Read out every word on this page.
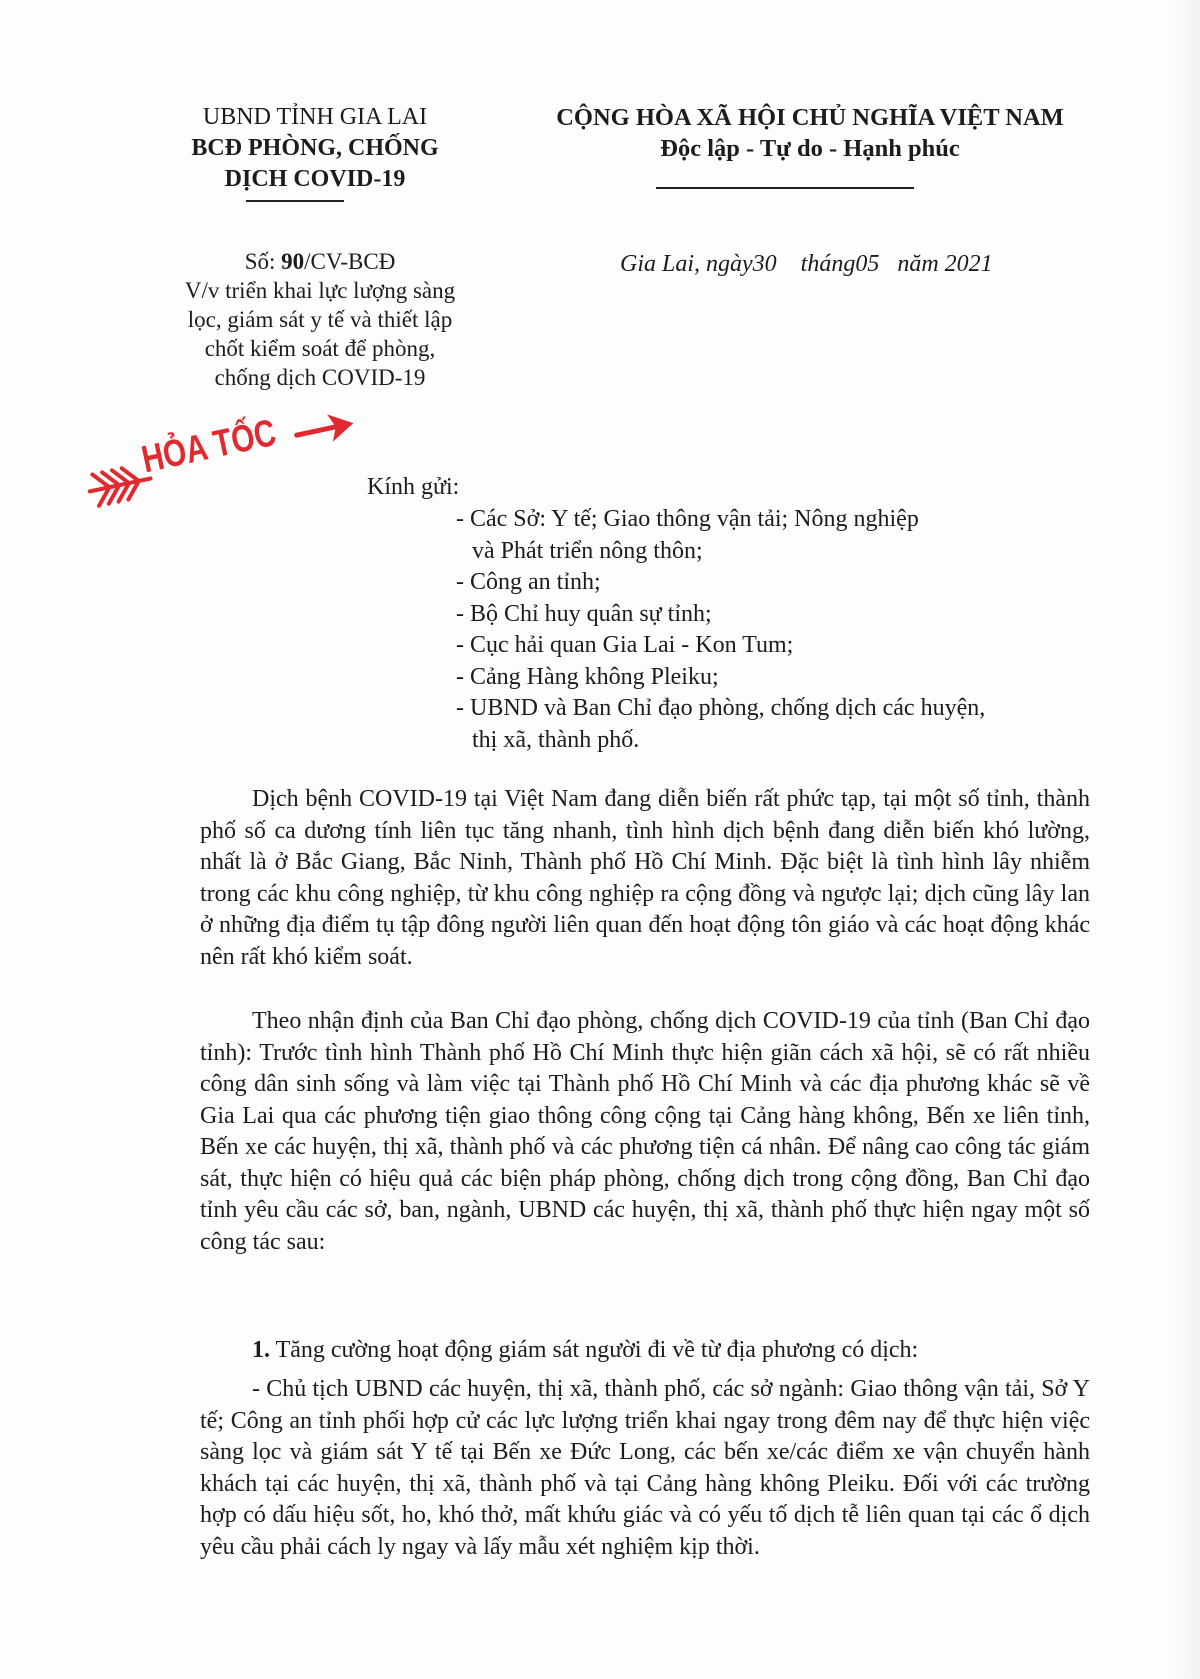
UBND TỈNH GIA LAI
BCĐ PHÒNG, CHỐNG
DỊCH COVID-19
CỘNG HÒA XÃ HỘI CHỦ NGHĨA VIỆT NAM
Độc lập - Tự do - Hạnh phúc
Số: 90/CV-BCĐ
V/v triển khai lực lượng sàng
lọc, giám sát y tế và thiết lập
chốt kiểm soát để phòng,
chống dịch COVID-19
Gia Lai, ngày30    tháng05   năm 2021
HỎA TỐC
Kính gửi:
- Các Sở: Y tế; Giao thông vận tải; Nông nghiệp
và Phát triển nông thôn;
- Công an tỉnh;
- Bộ Chỉ huy quân sự tỉnh;
- Cục hải quan Gia Lai - Kon Tum;
- Cảng Hàng không Pleiku;
- UBND và Ban Chỉ đạo phòng, chống dịch các huyện,
thị xã, thành phố.

Dịch bệnh COVID-19 tại Việt Nam đang diễn biến rất phức tạp, tại một số tỉnh, thành phố số ca dương tính liên tục tăng nhanh, tình hình dịch bệnh đang diễn biến khó lường, nhất là ở Bắc Giang, Bắc Ninh, Thành phố Hồ Chí Minh. Đặc biệt là tình hình lây nhiễm trong các khu công nghiệp, từ khu công nghiệp ra cộng đồng và ngược lại; dịch cũng lây lan ở những địa điểm tụ tập đông người liên quan đến hoạt động tôn giáo và các hoạt động khác nên rất khó kiểm soát.

Theo nhận định của Ban Chỉ đạo phòng, chống dịch COVID-19 của tỉnh (Ban Chỉ đạo tỉnh): Trước tình hình Thành phố Hồ Chí Minh thực hiện giãn cách xã hội, sẽ có rất nhiều công dân sinh sống và làm việc tại Thành phố Hồ Chí Minh và các địa phương khác sẽ về Gia Lai qua các phương tiện giao thông công cộng tại Cảng hàng không, Bến xe liên tỉnh, Bến xe các huyện, thị xã, thành phố và các phương tiện cá nhân. Để nâng cao công tác giám sát, thực hiện có hiệu quả các biện pháp phòng, chống dịch trong cộng đồng, Ban Chỉ đạo tỉnh yêu cầu các sở, ban, ngành, UBND các huyện, thị xã, thành phố thực hiện ngay một số công tác sau:

1. Tăng cường hoạt động giám sát người đi về từ địa phương có dịch:

- Chủ tịch UBND các huyện, thị xã, thành phố, các sở ngành: Giao thông vận tải, Sở Y tế; Công an tỉnh phối hợp cử các lực lượng triển khai ngay trong đêm nay để thực hiện việc sàng lọc và giám sát Y tế tại Bến xe Đức Long, các bến xe/các điểm xe vận chuyển hành khách tại các huyện, thị xã, thành phố và tại Cảng hàng không Pleiku. Đối với các trường hợp có dấu hiệu sốt, ho, khó thở, mất khứu giác và có yếu tố dịch tễ liên quan tại các ổ dịch yêu cầu phải cách ly ngay và lấy mẫu xét nghiệm kịp thời.
